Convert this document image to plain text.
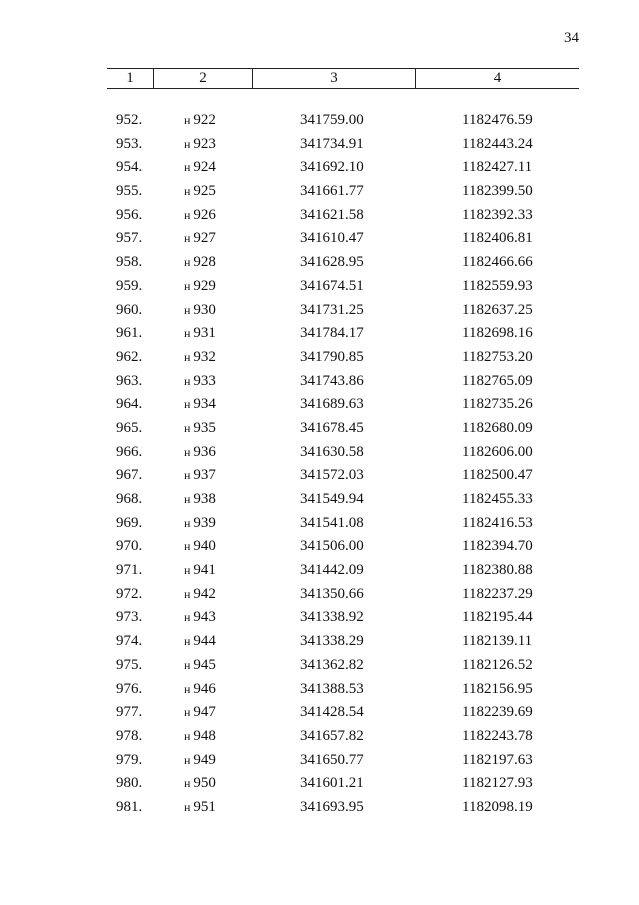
34
1	2	3	4
952.	н 922	341759.00	1182476.59
953.	н 923	341734.91	1182443.24
954.	н 924	341692.10	1182427.11
955.	н 925	341661.77	1182399.50
956.	н 926	341621.58	1182392.33
957.	н 927	341610.47	1182406.81
958.	н 928	341628.95	1182466.66
959.	н 929	341674.51	1182559.93
960.	н 930	341731.25	1182637.25
961.	н 931	341784.17	1182698.16
962.	н 932	341790.85	1182753.20
963.	н 933	341743.86	1182765.09
964.	н 934	341689.63	1182735.26
965.	н 935	341678.45	1182680.09
966.	н 936	341630.58	1182606.00
967.	н 937	341572.03	1182500.47
968.	н 938	341549.94	1182455.33
969.	н 939	341541.08	1182416.53
970.	н 940	341506.00	1182394.70
971.	н 941	341442.09	1182380.88
972.	н 942	341350.66	1182237.29
973.	н 943	341338.92	1182195.44
974.	н 944	341338.29	1182139.11
975.	н 945	341362.82	1182126.52
976.	н 946	341388.53	1182156.95
977.	н 947	341428.54	1182239.69
978.	н 948	341657.82	1182243.78
979.	н 949	341650.77	1182197.63
980.	н 950	341601.21	1182127.93
981.	н 951	341693.95	1182098.19
